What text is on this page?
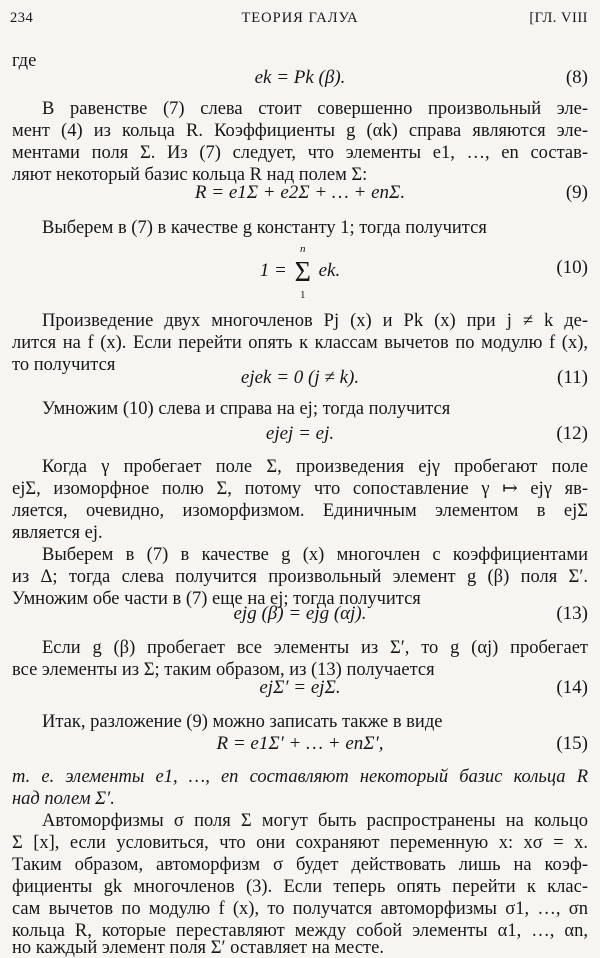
234	ТЕОРИЯ ГАЛУА	[ГЛ. VIII
где
ek = Pk (β).	(8)
В равенстве (7) слева стоит совершенно произвольный эле-
мент (4) из кольца R. Коэффициенты g (αk) справа являются эле-
ментами поля Σ. Из (7) следует, что элементы e1, …, en состав-
ляют некоторый базис кольца R над полем Σ:
R = e1Σ + e2Σ + … + enΣ.	(9)
Выберем в (7) в качестве g константу 1; тогда получится
1 =
n
Σ
1
ek.	(10)
Произведение двух многочленов Pj (x) и Pk (x) при j ≠ k де-
лится на f (x). Если перейти опять к классам вычетов по модулю f (x),
то получится
ejek = 0 (j ≠ k).	(11)
Умножим (10) слева и справа на ej; тогда получится
ejej = ej.	(12)
Когда γ пробегает поле Σ, произведения ejγ пробегают поле
ejΣ, изоморфное полю Σ, потому что сопоставление γ ↦ ejγ яв-
ляется, очевидно, изоморфизмом. Единичным элементом в ejΣ
является ej.
Выберем в (7) в качестве g (x) многочлен с коэффициентами
из Δ; тогда слева получится произвольный элемент g (β) поля Σ′.
Умножим обе части в (7) еще на ej; тогда получится
ejg (β) = ejg (αj).	(13)
Если g (β) пробегает все элементы из Σ′, то g (αj) пробегает
все элементы из Σ; таким образом, из (13) получается
ejΣ′ = ejΣ.	(14)
Итак, разложение (9) можно записать также в виде
R = e1Σ′ + … + enΣ′,	(15)
т. е. элементы e1, …, en составляют некоторый базис кольца R
над полем Σ′.
Автоморфизмы σ поля Σ могут быть распространены на кольцо
Σ [x], если условиться, что они сохраняют переменную x: xσ = x.
Таким образом, автоморфизм σ будет действовать лишь на коэф-
фициенты gk многочленов (3). Если теперь опять перейти к клас-
сам вычетов по модулю f (x), то получатся автоморфизмы σ1, …, σn
кольца R, которые переставляют между собой элементы α1, …, αn,
но каждый элемент поля Σ′ оставляет на месте.
